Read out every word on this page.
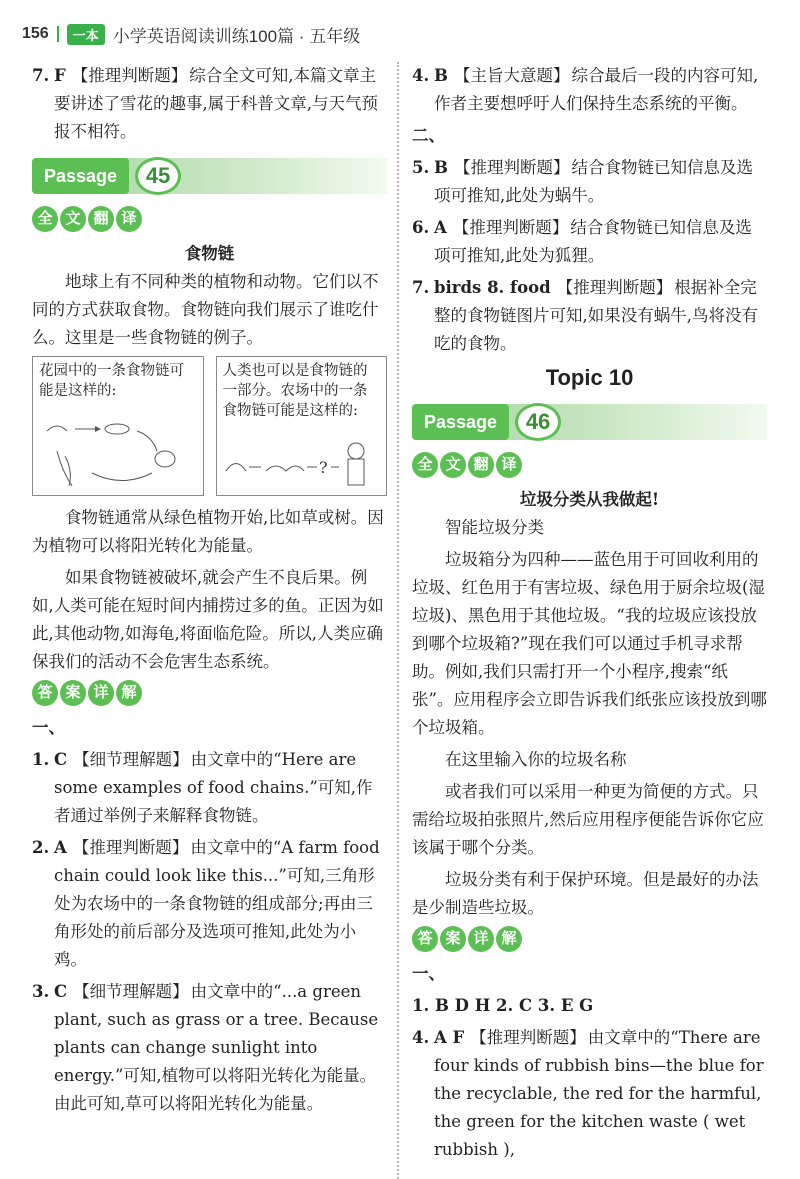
156	一本 小学英语阅读训练100篇 · 五年级
7. F 【推理判断题】 综合全文可知,本篇文章主要讲述了雪花的趣事,属于科普文章,与天气预报不相符。
Passage	45
全 文 翻 译

食物链

地球上有不同种类的植物和动物。它们以不同的方式获取食物。食物链向我们展示了谁吃什么。这里是一些食物链的例子。

花园中的一条食物链可能是这样的:
人类也可以是食物链的一部分。农场中的一条食物链可能是这样的:
?

食物链通常从绿色植物开始,比如草或树。因为植物可以将阳光转化为能量。

如果食物链被破坏,就会产生不良后果。例如,人类可能在短时间内捕捞过多的鱼。正因为如此,其他动物,如海龟,将面临危险。所以,人类应确保我们的活动不会危害生态系统。

答 案 详 解

一、

1. C 【细节理解题】 由文章中的“Here are some examples of food chains.”可知,作者通过举例子来解释食物链。
2. A 【推理判断题】 由文章中的“A farm food chain could look like this...”可知,三角形处为农场中的一条食物链的组成部分;再由三角形处的前后部分及选项可推知,此处为小鸡。
3. C 【细节理解题】 由文章中的“...a green plant, such as grass or a tree. Because plants can change sunlight into energy.”可知,植物可以将阳光转化为能量。由此可知,草可以将阳光转化为能量。
4. B 【主旨大意题】 综合最后一段的内容可知,作者主要想呼吁人们保持生态系统的平衡。

二、

5. B 【推理判断题】 结合食物链已知信息及选项可推知,此处为蜗牛。
6. A 【推理判断题】 结合食物链已知信息及选项可推知,此处为狐狸。
7. birds 8. food 【推理判断题】 根据补全完整的食物链图片可知,如果没有蜗牛,鸟将没有吃的食物。

Topic 10

Passage	46
全 文 翻 译

垃圾分类从我做起!

智能垃圾分类

垃圾箱分为四种——蓝色用于可回收利用的垃圾、红色用于有害垃圾、绿色用于厨余垃圾(湿垃圾)、黑色用于其他垃圾。“我的垃圾应该投放到哪个垃圾箱?”现在我们可以通过手机寻求帮助。例如,我们只需打开一个小程序,搜索“纸张”。应用程序会立即告诉我们纸张应该投放到哪个垃圾箱。

在这里输入你的垃圾名称

或者我们可以采用一种更为简便的方式。只需给垃圾拍张照片,然后应用程序便能告诉你它应该属于哪个分类。

垃圾分类有利于保护环境。但是最好的办法是少制造些垃圾。

答 案 详 解

一、

1. B D H 2. C 3. E G

4. A F 【推理判断题】 由文章中的“There are four kinds of rubbish bins—the blue for the recyclable, the red for the harmful, the green for the kitchen waste ( wet rubbish ),
